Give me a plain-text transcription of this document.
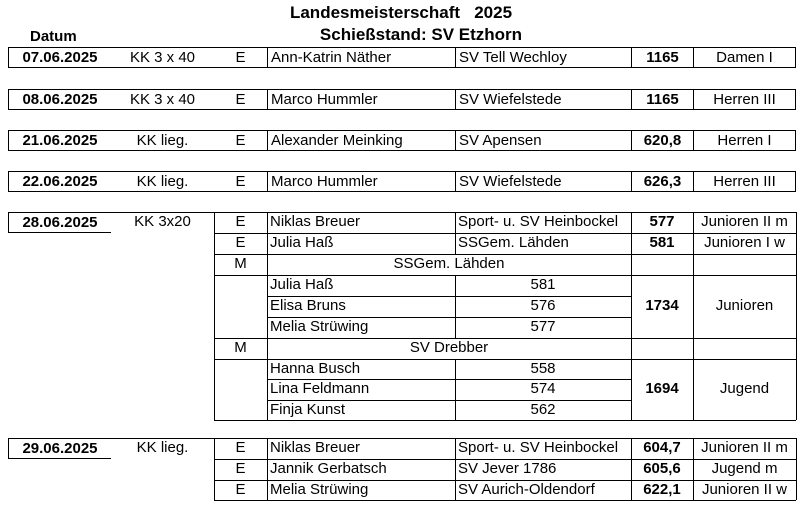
Landesmeisterschaft   2025
Schießstand: SV Etzhorn
Datum
07.06.2025	KK 3 x 40	E	Ann-Katrin Näther	SV Tell Wechloy	1165	Damen I
08.06.2025	KK 3 x 40	E	Marco Hummler	SV Wiefelstede	1165	Herren III
21.06.2025	KK lieg.	E	Alexander Meinking	SV Apensen	620,8	Herren I
22.06.2025	KK lieg.	E	Marco Hummler	SV Wiefelstede	626,3	Herren III
28.06.2025	KK 3x20	E	Niklas Breuer	Sport- u. SV Heinbockel	577	Junioren II m
E	Julia Haß	SSGem. Lähden	581	Junioren I w
M	SSGem. Lähden
Julia Haß	581
Elisa Bruns	576
Melia Strüwing	577
1734	Junioren
M	SV Drebber
Hanna Busch	558
Lina Feldmann	574
Finja Kunst	562
1694	Jugend
29.06.2025	KK lieg.	E	Niklas Breuer	Sport- u. SV Heinbockel	604,7	Junioren II m
E	Jannik Gerbatsch	SV Jever 1786	605,6	Jugend m
E	Melia Strüwing	SV Aurich-Oldendorf	622,1	Junioren II w
